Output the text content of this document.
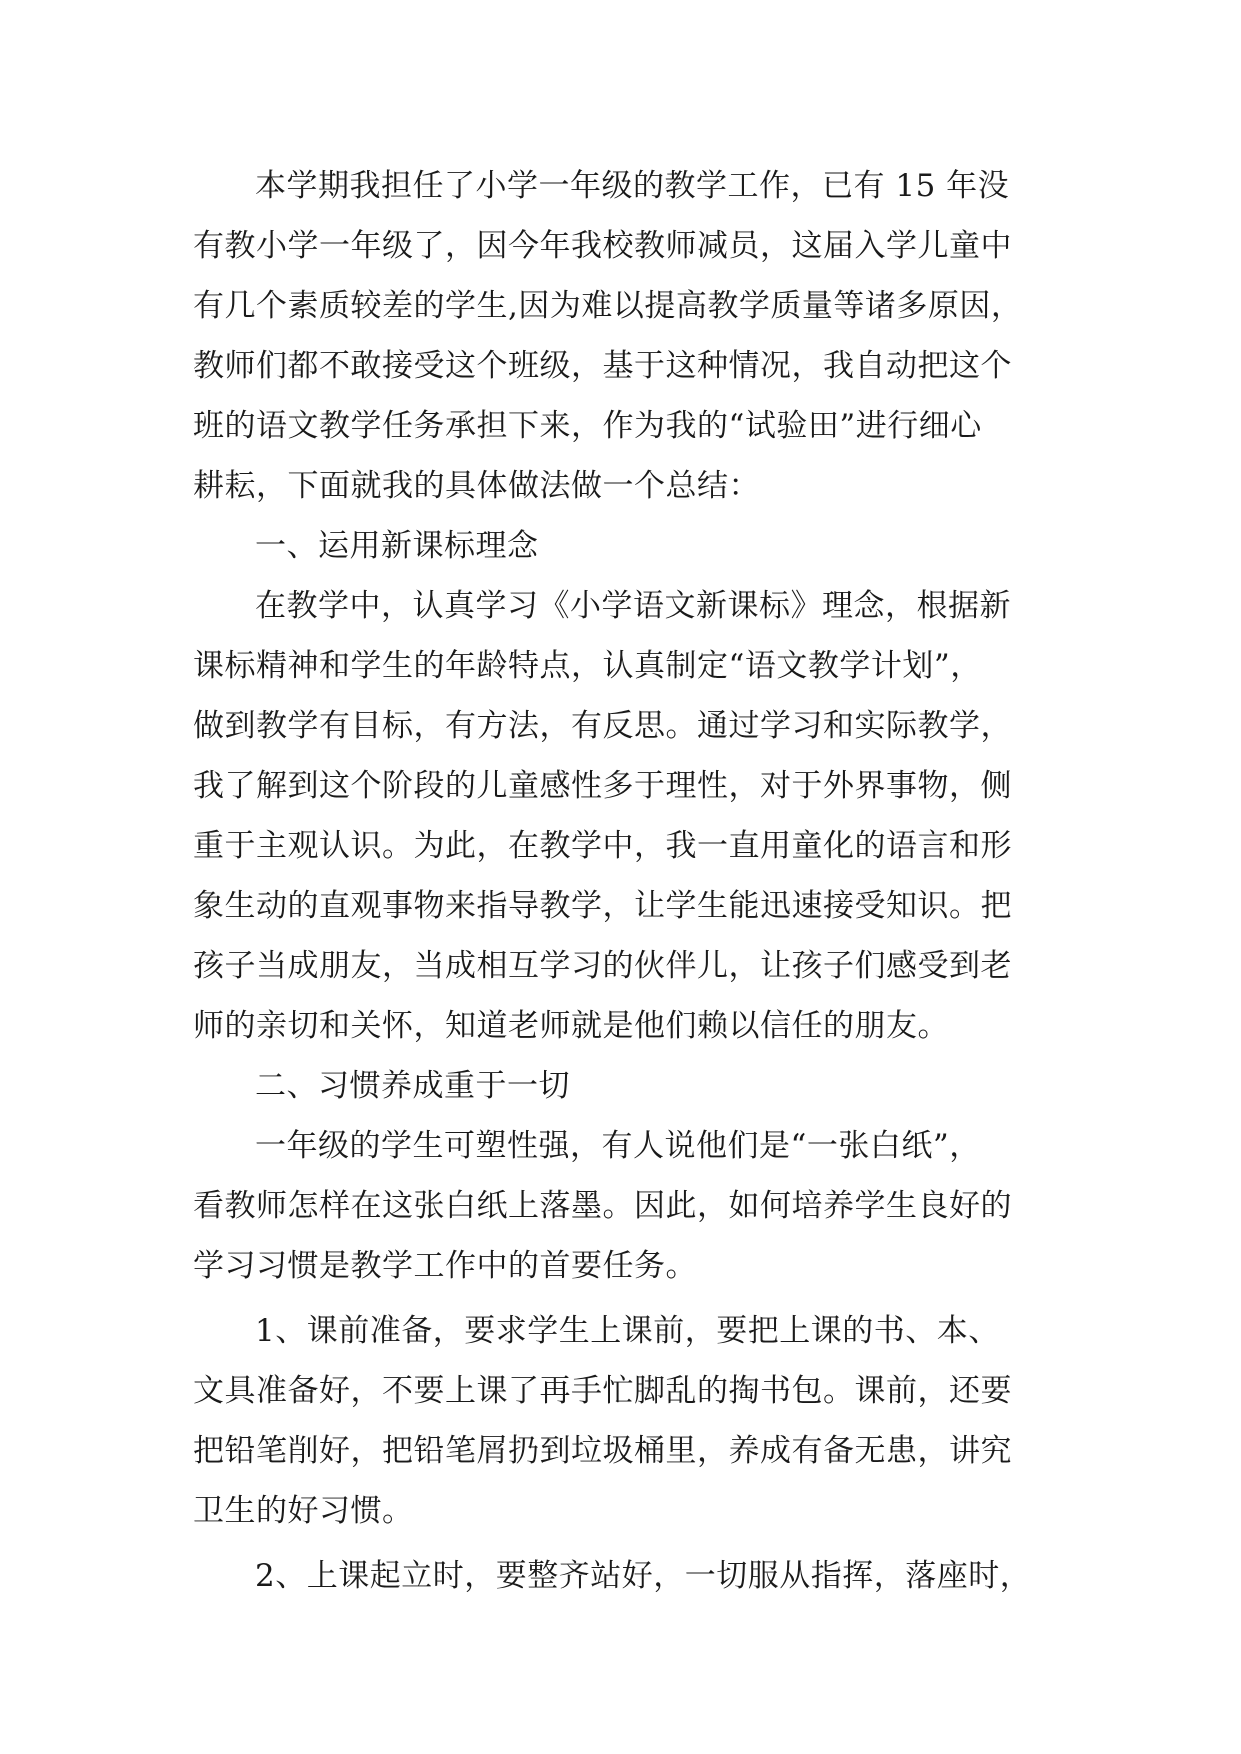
本学期我担任了小学一年级的教学工作，已有 15 年没
有教小学一年级了，因今年我校教师减员，这届入学儿童中
有几个素质较差的学生,因为难以提高教学质量等诸多原因，
教师们都不敢接受这个班级，基于这种情况，我自动把这个
班的语文教学任务承担下来，作为我的“试验田”进行细心
耕耘，下面就我的具体做法做一个总结：
一、运用新课标理念
在教学中，认真学习《小学语文新课标》理念，根据新
课标精神和学生的年龄特点，认真制定“语文教学计划”，
做到教学有目标，有方法，有反思。通过学习和实际教学，
我了解到这个阶段的儿童感性多于理性，对于外界事物，侧
重于主观认识。为此，在教学中，我一直用童化的语言和形
象生动的直观事物来指导教学，让学生能迅速接受知识。把
孩子当成朋友，当成相互学习的伙伴儿，让孩子们感受到老
师的亲切和关怀，知道老师就是他们赖以信任的朋友。
二、习惯养成重于一切
一年级的学生可塑性强，有人说他们是“一张白纸”，
看教师怎样在这张白纸上落墨。因此，如何培养学生良好的
学习习惯是教学工作中的首要任务。
1、课前准备，要求学生上课前，要把上课的书、本、
文具准备好，不要上课了再手忙脚乱的掏书包。课前，还要
把铅笔削好，把铅笔屑扔到垃圾桶里，养成有备无患，讲究
卫生的好习惯。
2、上课起立时，要整齐站好，一切服从指挥，落座时，
